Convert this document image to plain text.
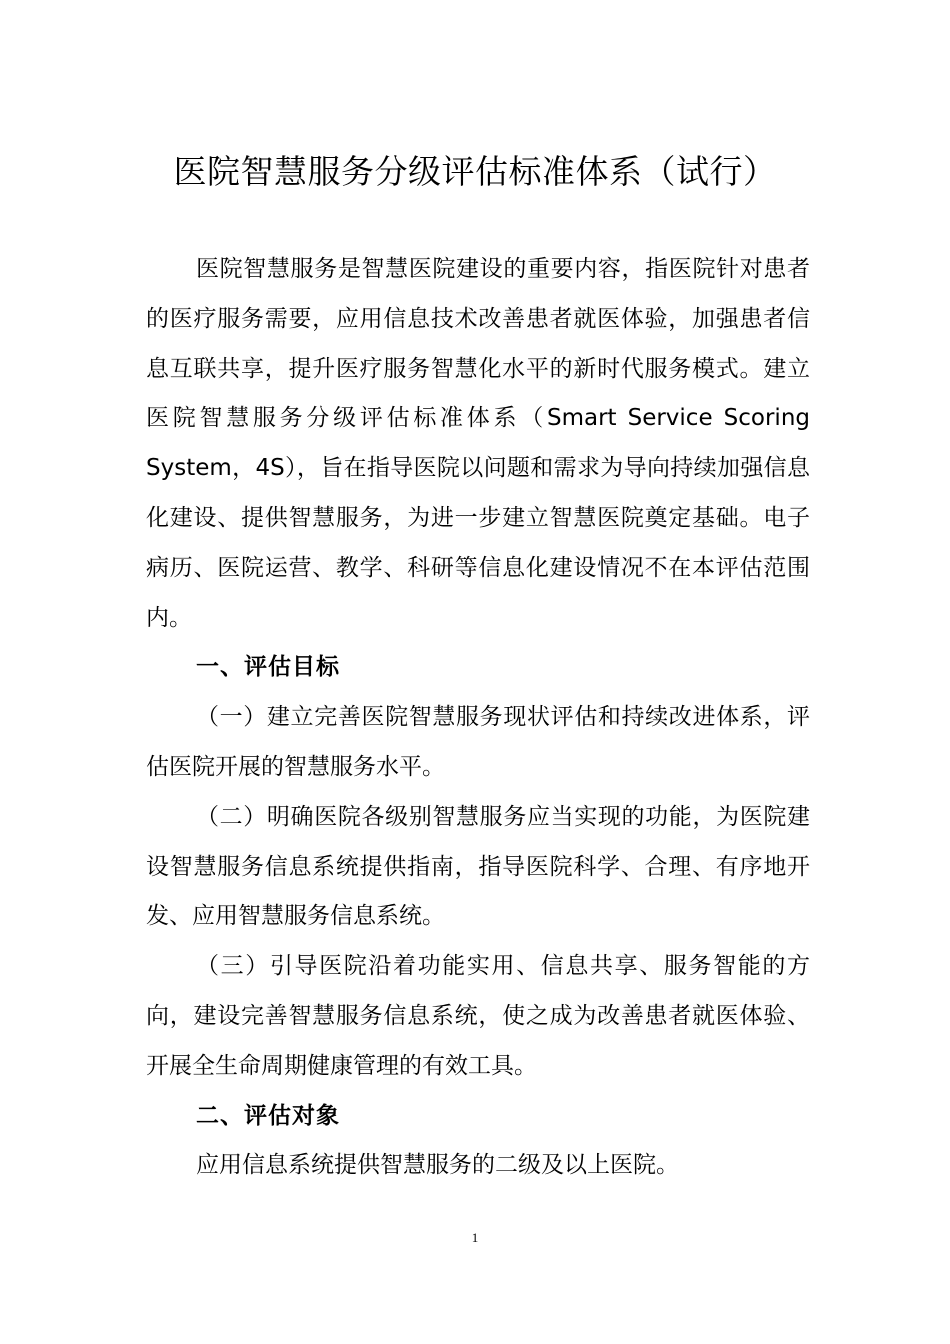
医院智慧服务分级评估标准体系（试行）

医院智慧服务是智慧医院建设的重要内容，指医院针对患者的医疗服务需要，应用信息技术改善患者就医体验，加强患者信息互联共享，提升医疗服务智慧化水平的新时代服务模式。建立医院智慧服务分级评估标准体系（Smart Service Scoring System，4S），旨在指导医院以问题和需求为导向持续加强信息化建设、提供智慧服务，为进一步建立智慧医院奠定基础。电子病历、医院运营、教学、科研等信息化建设情况不在本评估范围内。

一、评估目标

（一）建立完善医院智慧服务现状评估和持续改进体系，评估医院开展的智慧服务水平。

（二）明确医院各级别智慧服务应当实现的功能，为医院建设智慧服务信息系统提供指南，指导医院科学、合理、有序地开发、应用智慧服务信息系统。

（三）引导医院沿着功能实用、信息共享、服务智能的方向，建设完善智慧服务信息系统，使之成为改善患者就医体验、开展全生命周期健康管理的有效工具。

二、评估对象

应用信息系统提供智慧服务的二级及以上医院。

1
